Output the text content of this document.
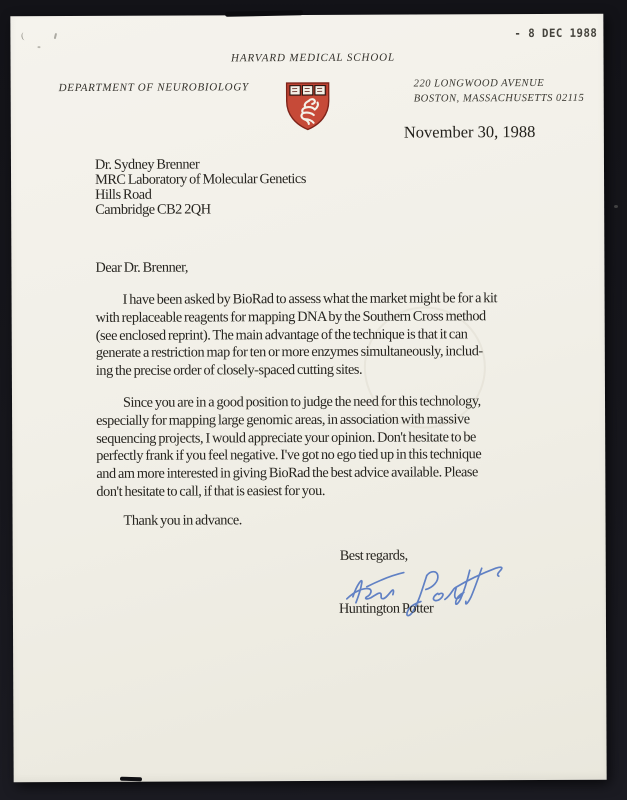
- 8 DEC 1988
HARVARD MEDICAL SCHOOL
DEPARTMENT OF NEUROBIOLOGY	220 LONGWOOD AVENUE
BOSTON, MASSACHUSETTS 02115
November 30, 1988
Dr. Sydney Brenner
MRC Laboratory of Molecular Genetics
Hills Road
Cambridge CB2 2QH
Dear Dr. Brenner,
I have been asked by BioRad to assess what the market might be for a kit
with replaceable reagents for mapping DNA by the Southern Cross method
(see enclosed reprint). The main advantage of the technique is that it can
generate a restriction map for ten or more enzymes simultaneously, includ-
ing the precise order of closely-spaced cutting sites.
Since you are in a good position to judge the need for this technology,
especially for mapping large genomic areas, in association with massive
sequencing projects, I would appreciate your opinion. Don't hesitate to be
perfectly frank if you feel negative. I've got no ego tied up in this technique
and am more interested in giving BioRad the best advice available. Please
don't hesitate to call, if that is easiest for you.
Thank you in advance.
Best regards,
Huntington Potter
